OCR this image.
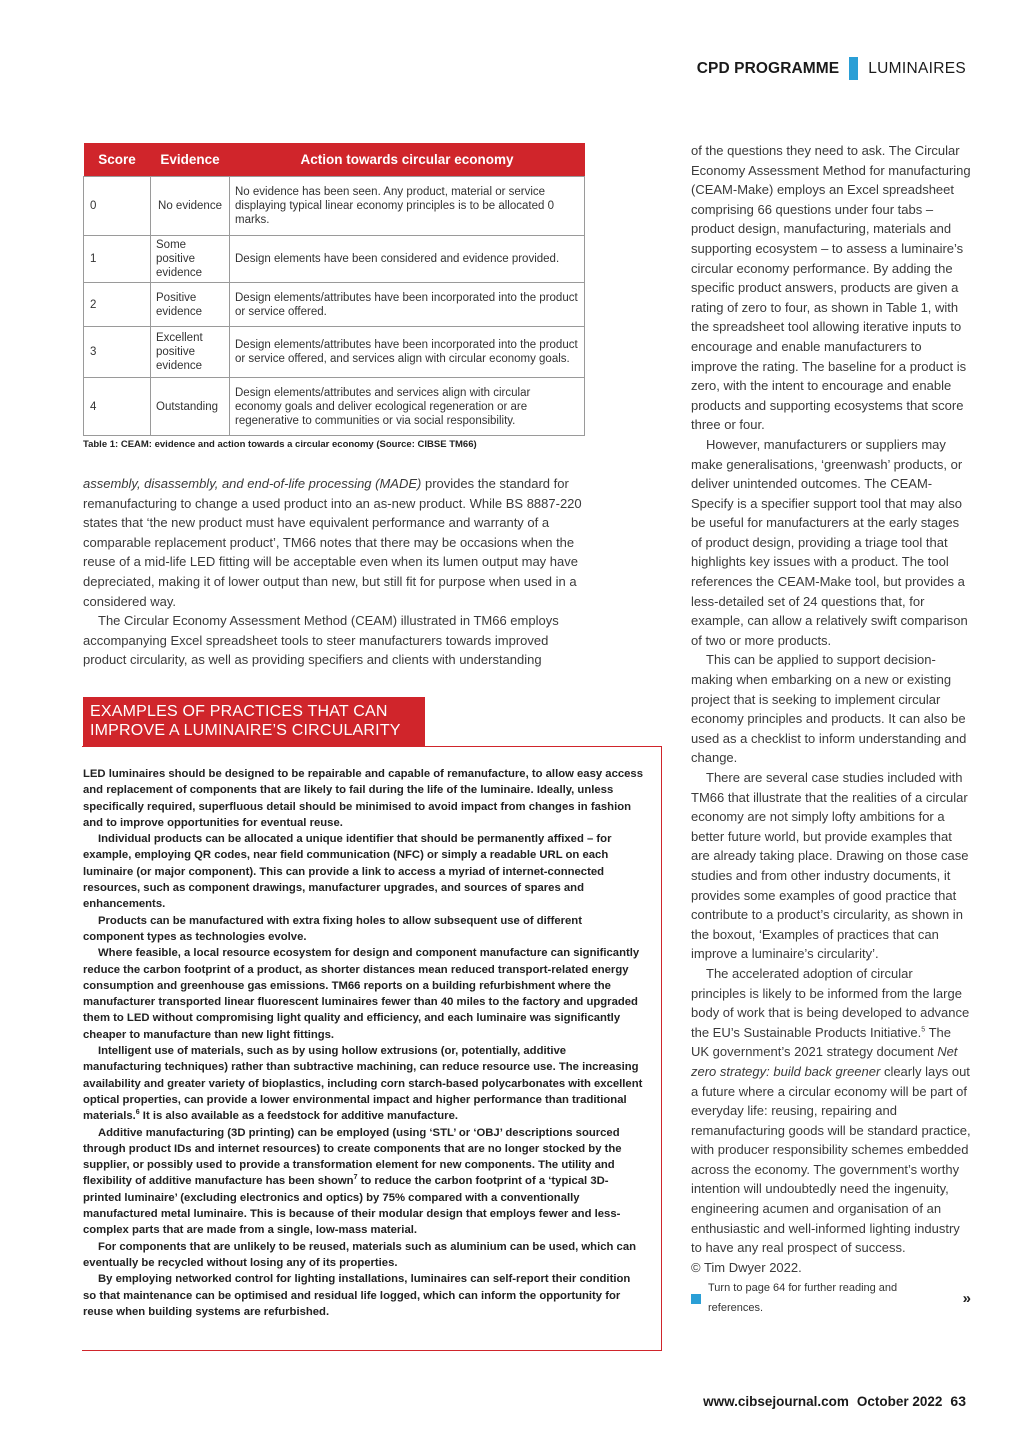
CPD PROGRAMME LUMINAIRES
Score	Evidence	Action towards circular economy
0	No evidence	No evidence has been seen. Any product, material or service displaying typical linear economy principles is to be allocated 0 marks.
1	Some positive evidence	Design elements have been considered and evidence provided.
2	Positive evidence	Design elements/attributes have been incorporated into the product or service offered.
3	Excellent positive evidence	Design elements/attributes have been incorporated into the product or service offered, and services align with circular economy goals.
4	Outstanding	Design elements/attributes and services align with circular economy goals and deliver ecological regeneration or are regenerative to communities or via social responsibility.
Table 1: CEAM: evidence and action towards a circular economy (Source: CIBSE TM66)

assembly, disassembly, and end-of-life processing (MADE) provides the standard for remanufacturing to change a used product into an as-new product. While BS 8887-220 states that ‘the new product must have equivalent performance and warranty of a comparable replacement product’, TM66 notes that there may be occasions when the reuse of a mid-life LED fitting will be acceptable even when its lumen output may have depreciated, making it of lower output than new, but still fit for purpose when used in a considered way.

The Circular Economy Assessment Method (CEAM) illustrated in TM66 employs accompanying Excel spreadsheet tools to steer manufacturers towards improved product circularity, as well as providing specifiers and clients with understanding

EXAMPLES OF PRACTICES THAT CAN
IMPROVE A LUMINAIRE’S CIRCULARITY

LED luminaires should be designed to be repairable and capable of remanufacture, to allow easy access and replacement of components that are likely to fail during the life of the luminaire. Ideally, unless specifically required, superfluous detail should be minimised to avoid impact from changes in fashion and to improve opportunities for eventual reuse.

Individual products can be allocated a unique identifier that should be permanently affixed – for example, employing QR codes, near field communication (NFC) or simply a readable URL on each luminaire (or major component). This can provide a link to access a myriad of internet-connected resources, such as component drawings, manufacturer upgrades, and sources of spares and enhancements.

Products can be manufactured with extra fixing holes to allow subsequent use of different component types as technologies evolve.

Where feasible, a local resource ecosystem for design and component manufacture can significantly reduce the carbon footprint of a product, as shorter distances mean reduced transport-related energy consumption and greenhouse gas emissions. TM66 reports on a building refurbishment where the manufacturer transported linear fluorescent luminaires fewer than 40 miles to the factory and upgraded them to LED without compromising light quality and efficiency, and each luminaire was significantly cheaper to manufacture than new light fittings.

Intelligent use of materials, such as by using hollow extrusions (or, potentially, additive manufacturing techniques) rather than subtractive machining, can reduce resource use. The increasing availability and greater variety of bioplastics, including corn starch-based polycarbonates with excellent optical properties, can provide a lower environmental impact and higher performance than traditional materials.$^6$ It is also available as a feedstock for additive manufacture.

Additive manufacturing (3D printing) can be employed (using ‘STL’ or ‘OBJ’ descriptions sourced through product IDs and internet resources) to create components that are no longer stocked by the supplier, or possibly used to provide a transformation element for new components. The utility and flexibility of additive manufacture has been shown$^7$ to reduce the carbon footprint of a ‘typical 3D-printed luminaire’ (excluding electronics and optics) by 75% compared with a conventionally manufactured metal luminaire. This is because of their modular design that employs fewer and less-complex parts that are made from a single, low-mass material.

For components that are unlikely to be reused, materials such as aluminium can be used, which can eventually be recycled without losing any of its properties.

By employing networked control for lighting installations, luminaires can self-report their condition so that maintenance can be optimised and residual life logged, which can inform the opportunity for reuse when building systems are refurbished.

of the questions they need to ask. The Circular Economy Assessment Method for manufacturing (CEAM-Make) employs an Excel spreadsheet comprising 66 questions under four tabs – product design, manufacturing, materials and supporting ecosystem – to assess a luminaire’s circular economy performance. By adding the specific product answers, products are given a rating of zero to four, as shown in Table 1, with the spreadsheet tool allowing iterative inputs to encourage and enable manufacturers to improve the rating. The baseline for a product is zero, with the intent to encourage and enable products and supporting ecosystems that score three or four.

However, manufacturers or suppliers may make generalisations, ‘greenwash’ products, or deliver unintended outcomes. The CEAM-Specify is a specifier support tool that may also be useful for manufacturers at the early stages of product design, providing a triage tool that highlights key issues with a product. The tool references the CEAM-Make tool, but provides a less-detailed set of 24 questions that, for example, can allow a relatively swift comparison of two or more products.

This can be applied to support decision-making when embarking on a new or existing project that is seeking to implement circular economy principles and products. It can also be used as a checklist to inform understanding and change.

There are several case studies included with TM66 that illustrate that the realities of a circular economy are not simply lofty ambitions for a better future world, but provide examples that are already taking place. Drawing on those case studies and from other industry documents, it provides some examples of good practice that contribute to a product’s circularity, as shown in the boxout, ‘Examples of practices that can improve a luminaire’s circularity’.

The accelerated adoption of circular principles is likely to be informed from the large body of work that is being developed to advance the EU’s Sustainable Products Initiative.$^5$ The UK government’s 2021 strategy document Net zero strategy: build back greener clearly lays out a future where a circular economy will be part of everyday life: reusing, repairing and remanufacturing goods will be standard practice, with producer responsibility schemes embedded across the economy. The government’s worthy intention will undoubtedly need the ingenuity, engineering acumen and organisation of an enthusiastic and well-informed lighting industry to have any real prospect of success.

© Tim Dwyer 2022.

Turn to page 64 for further reading and references.
»
www.cibsejournal.com October 2022 63
